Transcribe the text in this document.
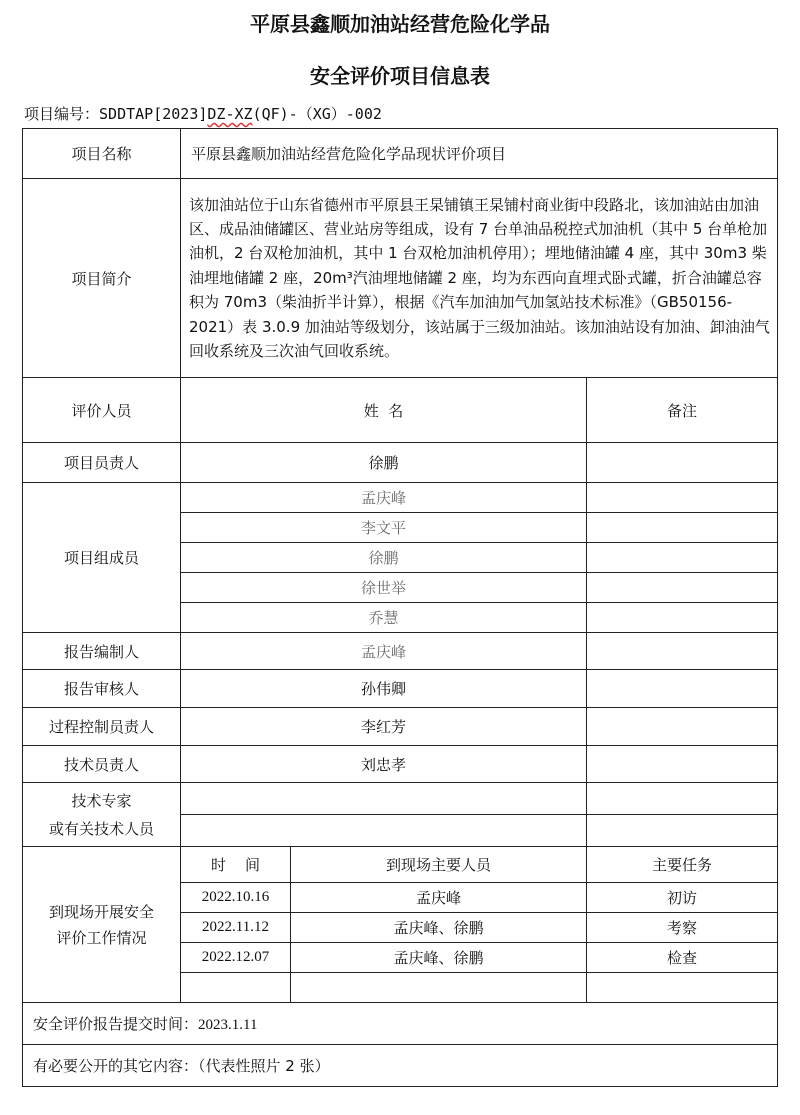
平原县鑫顺加油站经营危险化学品
安全评价项目信息表
项目编号：SDDTAP[2023]DZ-XZ(QF)-（XG）-002
项目名称	平原县鑫顺加油站经营危险化学品现状评价项目		
项目简介	该加油站位于山东省德州市平原县王杲铺镇王杲铺村商业街中段路北，该加油站由加油区、成品油储罐区、营业站房等组成，设有 7 台单油品税控式加油机（其中 5 台单枪加油机，2 台双枪加油机，其中 1 台双枪加油机停用）；埋地储油罐 4 座，其中 30m3 柴油埋地储罐 2 座，20m³汽油埋地储罐 2 座，均为东西向直埋式卧式罐，折合油罐总容积为 70m3（柴油折半计算），根据《汽车加油加气加氢站技术标准》（GB50156-2021）表 3.0.9 加油站等级划分，该站属于三级加油站。该加油站设有加油、卸油油气回收系统及三次油气回收系统。		
评价人员	姓  名		备注
项目员责人	徐鹏		
项目组成员	孟庆峰		
	李文平		
	徐鹏		
	徐世举		
	乔慧		
报告编制人	孟庆峰		
报告审核人	孙伟卿		
过程控制员责人	李红芳		
技术员责人	刘忠孝		

技术专家
或有关技术人员			

到现场开展安全
评价工作情况	时    间	到现场主要人员	主要任务
	2022.10.16	孟庆峰	初访
	2022.11.12	孟庆峰、徐鹏	考察
	2022.12.07	孟庆峰、徐鹏	检查

安全评价报告提交时间：2023.1.11			
有必要公开的其它内容：（代表性照片 2 张）			
